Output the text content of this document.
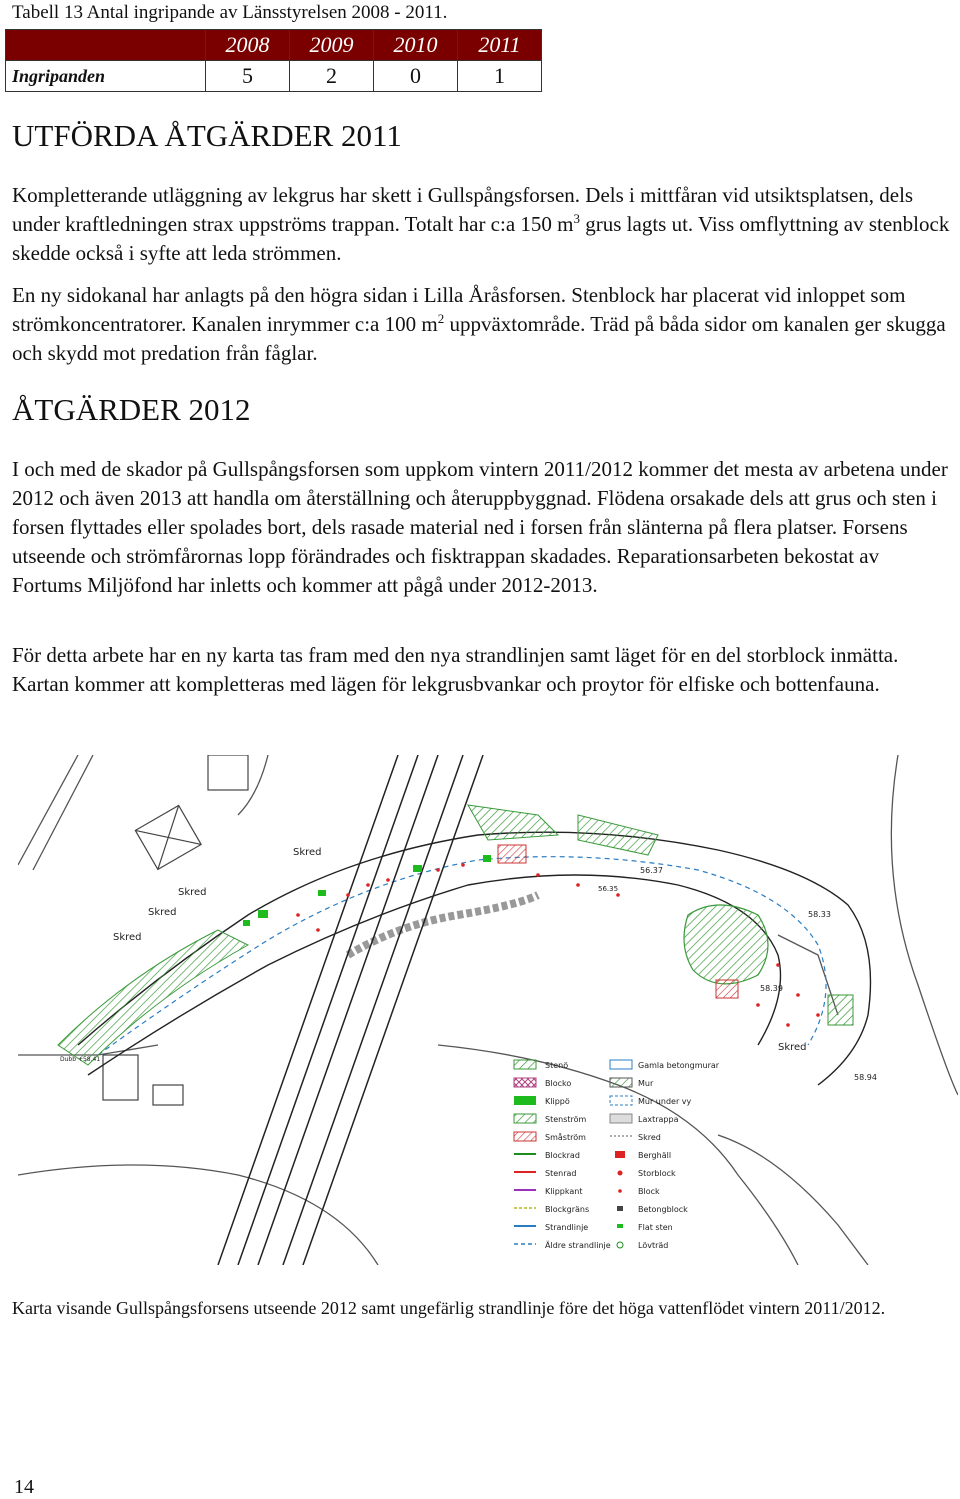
Tabell 13 Antal ingripande av Länsstyrelsen 2008 - 2011.
	2008	2009	2010	2011
Ingripanden	5	2	0	1
UTFÖRDA ÅTGÄRDER 2011

Kompletterande utläggning av lekgrus har skett i Gullspångsforsen. Dels i mittfåran vid utsiktsplatsen, dels under kraftledningen strax uppströms trappan. Totalt har c:a 150 $m^3$ grus lagts ut. Viss omflyttning av stenblock skedde också i syfte att leda strömmen.

En ny sidokanal har anlagts på den högra sidan i Lilla Åråsforsen. Stenblock har placerat vid inloppet som strömkoncentratorer. Kanalen inrymmer c:a 100 $m^2$ uppväxtområde. Träd på båda sidor om kanalen ger skugga och skydd mot predation från fåglar.

ÅTGÄRDER 2012

I och med de skador på Gullspångsforsen som uppkom vintern 2011/2012 kommer det mesta av arbetena under 2012 och även 2013 att handla om återställning och återuppbyggnad. Flödena orsakade dels att grus och sten i forsen flyttades eller spolades bort, dels rasade material ned i forsen från slänterna på flera platser. Forsens utseende och strömfårornas lopp förändrades och fisktrappan skadades. Reparationsarbeten bekostat av Fortums Miljöfond har inletts och kommer att pågå under 2012-2013.

För detta arbete har en ny karta tas fram med den nya strandlinjen samt läget för en del storblock inmätta. Kartan kommer att kompletteras med lägen för lekgrusbvankar och proytor för elfiske och bottenfauna.

Skred
Skred
Skred
Skred
Skred
56.37
58.33
58.39
58.94
56.35
Dubb +58.41
Stenö
Blocko
Klippö
Stenström
Småström
Blockrad
Stenrad
Klippkant
Blockgräns
Strandlinje
Äldre strandlinje
Gamla betongmurar
Mur
Mur under vy
Laxtrappa
Skred
Berghäll
Storblock
Block
Betongblock
Flat sten
Lövträd

Karta visande Gullspångsforsens utseende 2012 samt ungefärlig strandlinje före det höga vattenflödet vintern 2011/2012.

14
